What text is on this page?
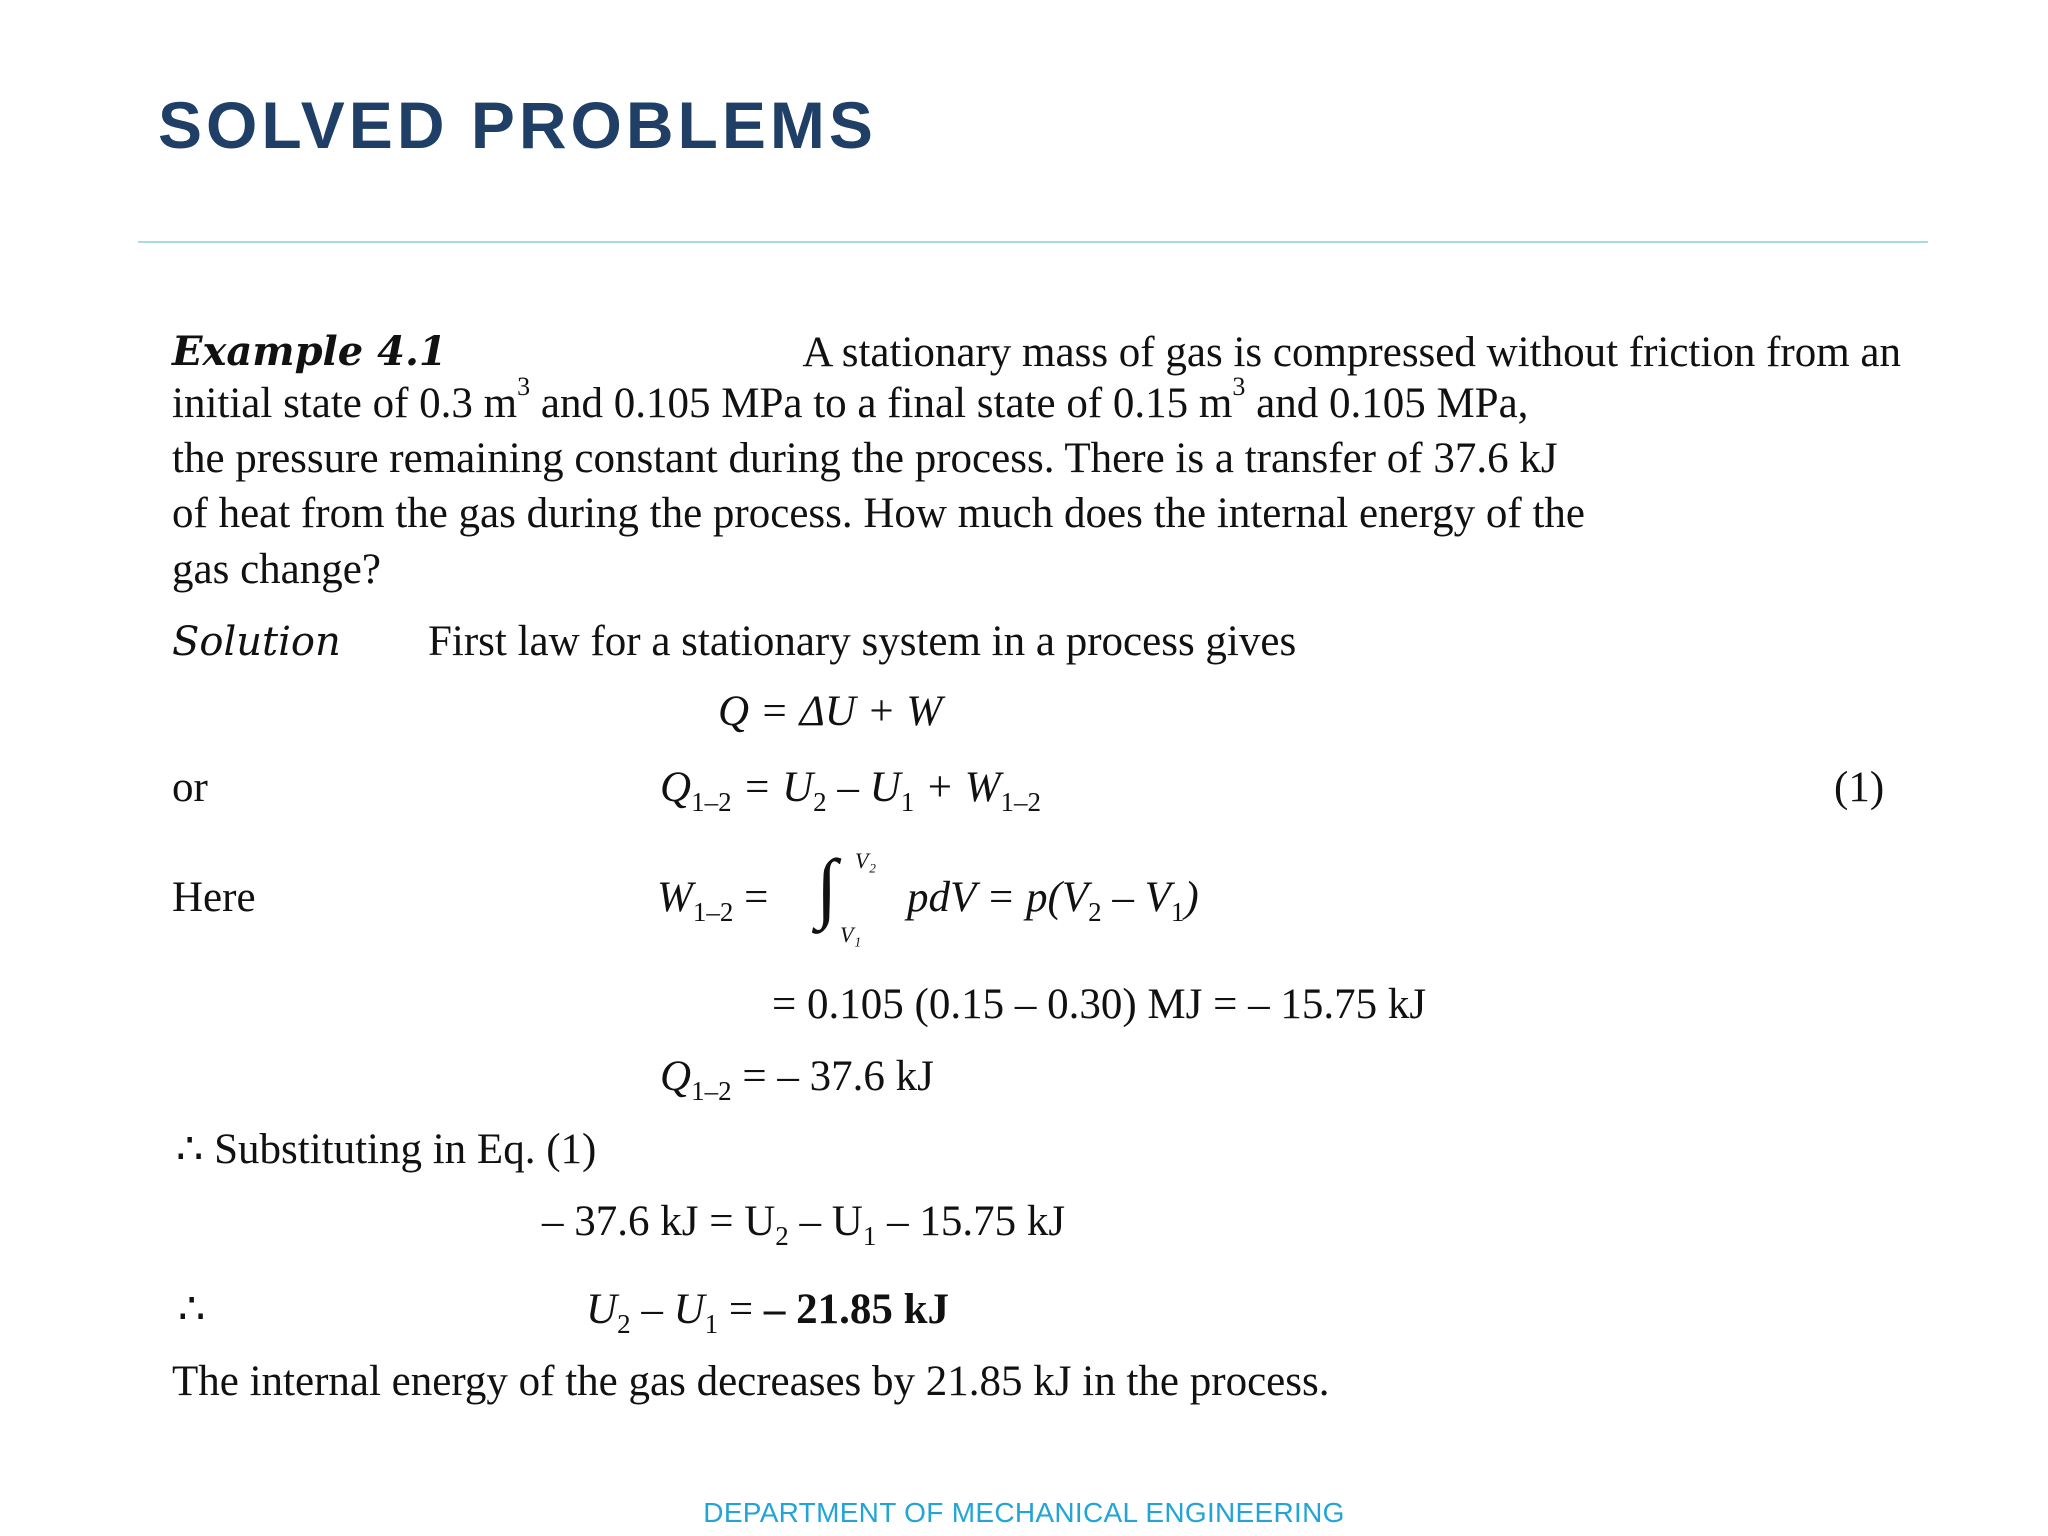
SOLVED PROBLEMS
Example 4.1	A stationary mass of gas is compressed without friction from an
initial state of 0.3 $m^3$ and 0.105 MPa to a final state of 0.15 $m^3$ and 0.105 MPa,
the pressure remaining constant during the process. There is a transfer of 37.6 kJ
of heat from the gas during the process. How much does the internal energy of the
gas change?
Solution First law for a stationary system in a process gives
Q = ΔU + W
or	$Q_{1-2} = U_2 - U_1 + W_{1-2}$	(1)
Here	$W_{1-2}$ = ∫ V₂
V₁
pdV = $p(V_2 - V_1)$
= 0.105 (0.15 – 0.30) MJ = – 15.75 kJ
$Q_{1-2}$ = – 37.6 kJ
∴ Substituting in Eq. (1)
– 37.6 kJ = $U_2 - U_1 - 15.75$ kJ
∴	$U_2 - U_1$ = – 21.85 kJ
The internal energy of the gas decreases by 21.85 kJ in the process.
DEPARTMENT OF MECHANICAL ENGINEERING
